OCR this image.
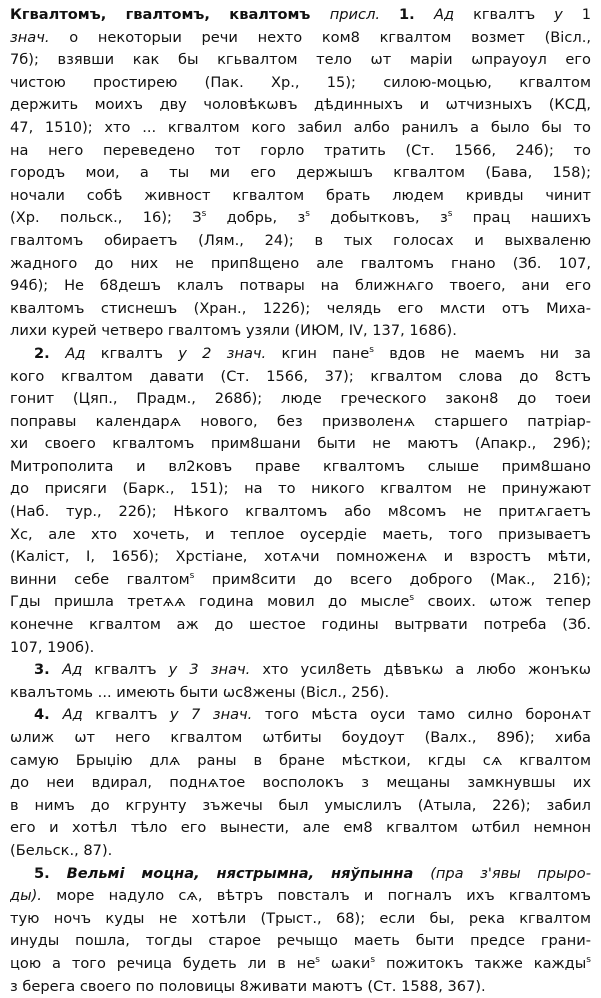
Кгвалтомъ, гвалтомъ, квалтомъ присл. 1. Ад кгвалтъ у 1
знач. о некоторыи речи нехто ком8 кгвалтом возмет (Вісл.,
7б); взявши как бы кгьвалтом тело ѡт маріи ѡпрауоул его
чистою простирею (Пак. Хр., 15); силою-моцью, кгвалтом
держить моихъ дву чоловѣкѡвъ дѣдинныхъ и ѡтчизныхъ (КСД,
47, 1510); хто ... кгвалтом кого забил албо ранилъ а было бы то
на него переведено тот горло тратить (Ст. 1566, 24б); то
городъ мои, а ты ми его держышъ кгвалтом (Бава, 158);
ночали собѣ живност кгвалтом брать людем кривды чинит
(Хр. польск., 16); $З^s$ добрь, $з^s$ добытковъ, $з^s$ прац нашихъ
гвалтомъ обираетъ (Лям., 24); в тых голосах и выхваленю
жадного до них не прип8щено але гвалтомъ гнано (Зб. 107,
94б); Не б8дешъ клалъ потвары на ближнѧго твоего, ани его
квалтомъ стиснешъ (Хран., 122б); челядь его мᴧсти отъ Миха-
лихи курей четверо гвалтомъ узяли (ИЮМ, IV, 137, 1686).
2. Ад кгвалтъ у 2 знач. кгин пане$^s$ вдов не маемъ ни за
кого кгвалтом давати (Ст. 1566, 37); кгвалтом слова до 8стъ
гонит (Цяп., Прадм., 268б); люде греческого закон8 до тоеи
поправы календарѧ нового, без призволенѧ старшего патріар-
хи своего кгвалтомъ прим8шани быти не маютъ (Апакр., 29б);
Митрополита и вл2ковъ праве кгвалтомъ слыше прим8шано
до присяги (Барк., 151); на то никого кгвалтом не принужают
(Наб. тур., 22б); Нѣкого кгвалтомъ або м8сомъ не притѧгаетъ
Хс, але хто хочеть, и теплое оусердіе маеть, того призываетъ
(Каліст, I, 165б); Хрстіане, хотѧчи помноженѧ и взростъ мѣти,
винни себе гвалтом$^s$ прим8сити до всего доброго (Мак., 21б);
Гды пришла третѧѧ година мовил до мысле$^s$ своих. ѡтож тепер
конечне кгвалтом аж до шестое годины вытрвати потреба (Зб.
107, 190б).
3. Ад кгвалтъ у 3 знач. хто усил8еть дѣвъкѡ а любо жонъкѡ
квалътомь ... имеють быти ѡс8жены (Вісл., 25б).
4. Ад кгвалтъ у 7 знач. того мѣста оуси тамо силно боронѧт
ѡлиж ѡт него кгвалтом ѡтбиты боудоут (Валх., 89б); хиба
самую Брыџію длѧ раны в бране мѣсткои, кгды сѧ кгвалтом
до неи вдирал, поднѧтое восполокъ з мещаны замкнувшы их
в нимъ до кгрунту зъжечы был умыслилъ (Атыла, 226); забил
его и хотѣл тѣло его вынести, але ем8 кгвалтом ѡтбил немнон
(Бельск., 87).
5. Вельмі моцна, нястрымна, няўпынна (пра з'явы прыро-
ды). море надуло сѧ, вѣтръ повсталъ и погналъ ихъ кгвалтомъ
тую ночъ куды не хотѣли (Трыст., 68); если бы, река кгвалтом
инуды пошла, тогды старое речыщо маеть быти предсе грани-
цою а того речица будеть ли в $не^s$ ѡаки$^s$ пожитокъ также кажды$^s$
з берега своего по половицы 8живати маютъ (Ст. 1588, 367).
